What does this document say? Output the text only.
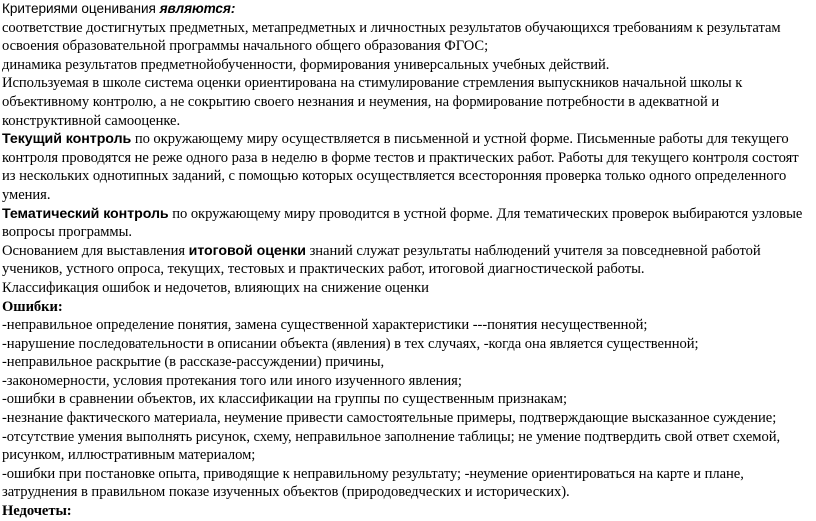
Критериями оценивания являются:

соответствие достигнутых предметных, метапредметных и личностных результатов обучающихся требованиям к результатам освоения образовательной программы начального общего образования ФГОС;

динамика результатов предметнойобученности, формирования универсальных учебных действий.

Используемая в школе система оценки ориентирована на стимулирование стремления выпускников начальной школы к объективному контролю, а не сокрытию своего незнания и неумения, на формирование потребности в адекватной и конструктивной самооценке.

Текущий контроль по окружающему миру осуществляется в письменной и устной форме. Письменные работы для текущего контроля проводятся не реже одного раза в неделю в форме тестов и практических работ. Работы для текущего контроля состоят из нескольких однотипных заданий, с помощью которых осуществляется всесторонняя проверка только одного определенного умения.

Тематический контроль по окружающему миру проводится в устной форме. Для тематических проверок выбираются узловые вопросы программы.

Основанием для выставления итоговой оценки знаний служат результаты наблюдений учителя за повседневной работой учеников, устного опроса, текущих, тестовых и практических работ, итоговой диагностической работы.

Классификация ошибок и недочетов, влияющих на снижение оценки

Ошибки:

-неправильное определение понятия, замена существенной характеристики ---понятия несущественной;

-нарушение последовательности в описании объекта (явления) в тех случаях, -когда она является существенной;

-неправильное раскрытие (в рассказе-рассуждении) причины,

-закономерности, условия протекания того или иного изученного явления;

-ошибки в сравнении объектов, их классификации на группы по существенным признакам;

-незнание фактического материала, неумение привести самостоятельные примеры, подтверждающие высказанное суждение;

-отсутствие умения выполнять рисунок, схему, неправильное заполнение таблицы; не умение подтвердить свой ответ схемой, рисунком, иллюстративным материалом;

-ошибки при постановке опыта, приводящие к неправильному результату; -неумение ориентироваться на карте и плане, затруднения в правильном показе изученных объектов (природоведческих и исторических).

Недочеты:
